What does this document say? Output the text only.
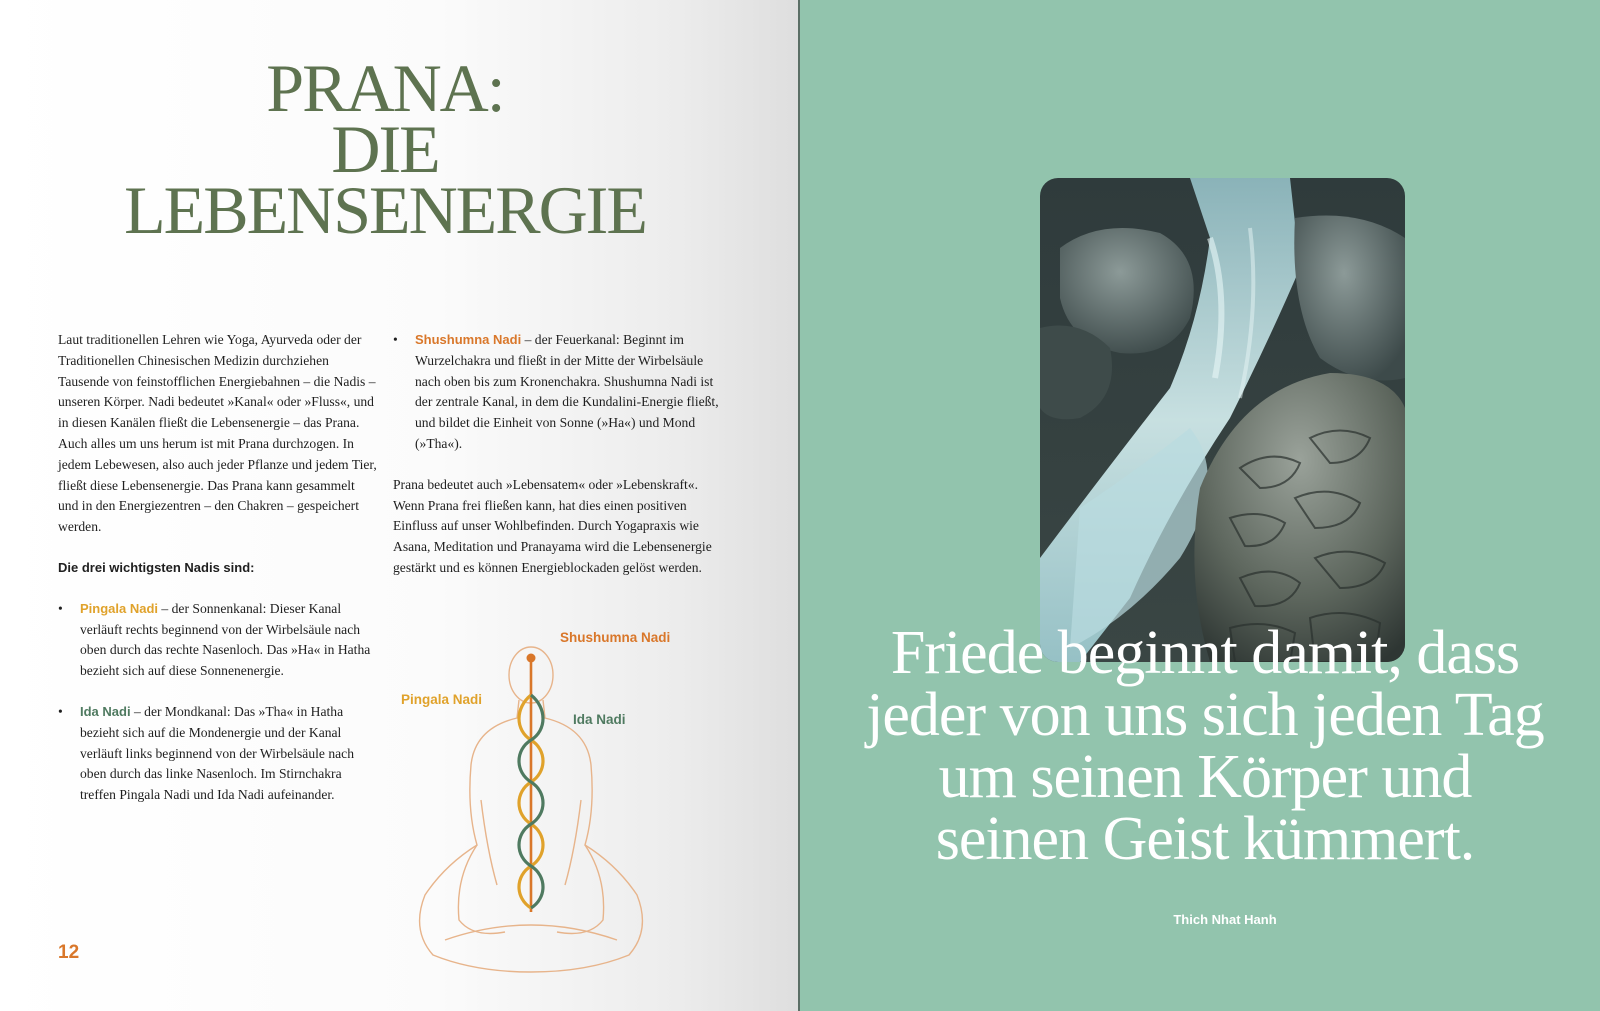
PRANA:
DIE
LEBENSENERGIE

Laut traditionellen Lehren wie Yoga, Ayurveda oder der Traditionellen Chinesischen Medizin durchziehen Tausende von feinstofflichen Energiebahnen – die Nadis – unseren Körper. Nadi bedeutet »Kanal« oder »Fluss«, und in diesen Kanälen fließt die Lebensenergie – das Prana. Auch alles um uns herum ist mit Prana durchzogen. In jedem Lebewesen, also auch jeder Pflanze und jedem Tier, fließt diese Lebensenergie. Das Prana kann gesammelt und in den Energiezentren – den Chakren – gespeichert werden.

Die drei wichtigsten Nadis sind:

• Pingala Nadi – der Sonnenkanal: Dieser Kanal verläuft rechts beginnend von der Wirbelsäule nach oben durch das rechte Nasenloch. Das »Ha« in Hatha bezieht sich auf diese Sonnenenergie.

• Ida Nadi – der Mondkanal: Das »Tha« in Hatha bezieht sich auf die Mondenergie und der Kanal verläuft links beginnend von der Wirbelsäule nach oben durch das linke Nasenloch. Im Stirnchakra treffen Pingala Nadi und Ida Nadi aufeinander.

• Shushumna Nadi – der Feuerkanal: Beginnt im Wurzelchakra und fließt in der Mitte der Wirbelsäule nach oben bis zum Kronenchakra. Shushumna Nadi ist der zentrale Kanal, in dem die Kundalini-Energie fließt, und bildet die Einheit von Sonne (»Ha«) und Mond (»Tha«).

Prana bedeutet auch »Lebensatem« oder »Lebenskraft«. Wenn Prana frei fließen kann, hat dies einen positiven Einfluss auf unser Wohlbefinden. Durch Yogapraxis wie Asana, Meditation und Pranayama wird die Lebensenergie gestärkt und es können Energieblockaden gelöst werden.

Shushumna Nadi
Pingala Nadi
Ida Nadi
12
Friede beginnt damit, dass jeder von uns sich jeden Tag um seinen Körper und seinen Geist kümmert.
Thich Nhat Hanh
